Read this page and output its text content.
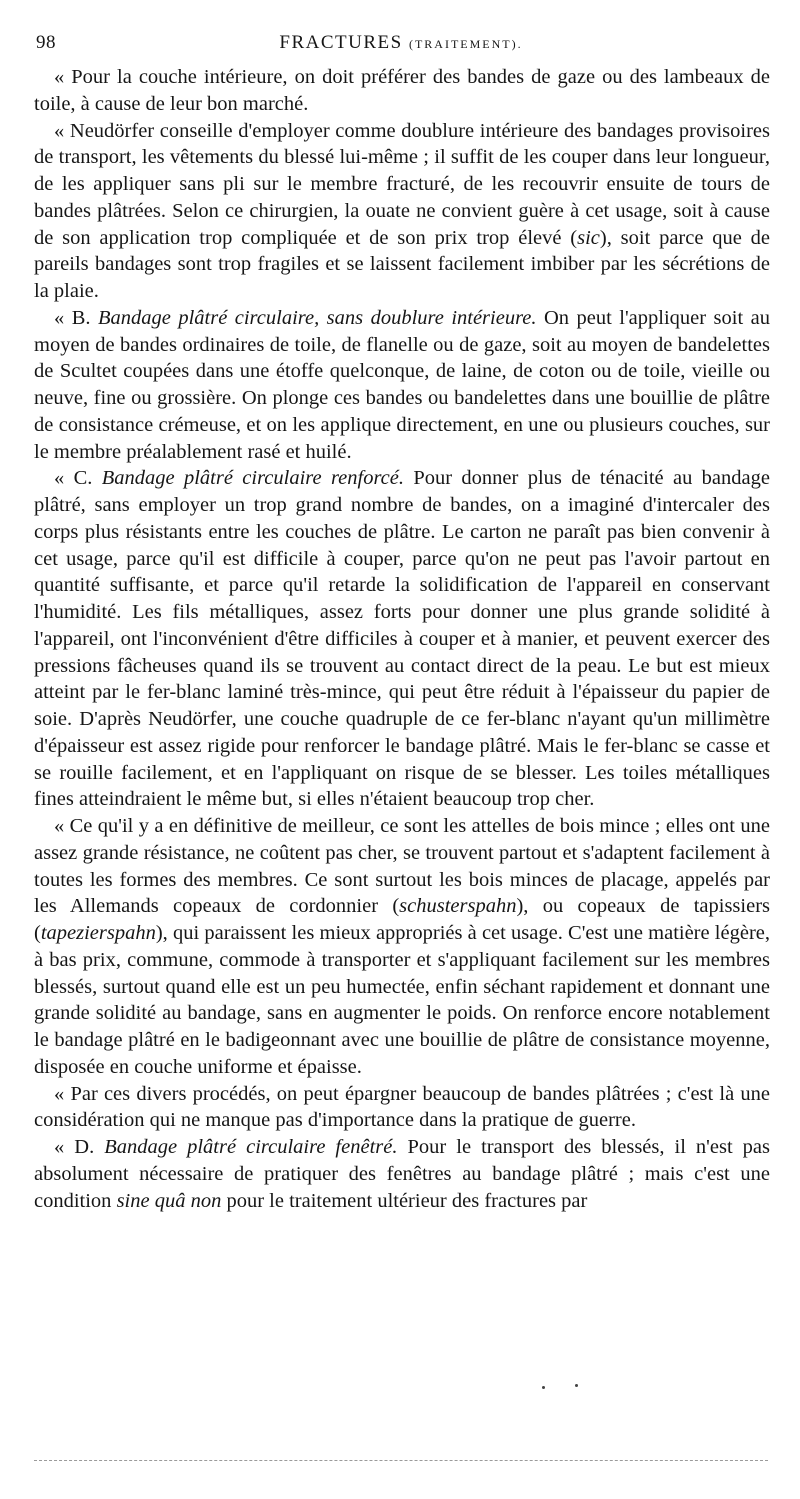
98	FRACTURES (TRAITEMENT).

« Pour la couche intérieure, on doit préférer des bandes de gaze ou des lambeaux de toile, à cause de leur bon marché.

« Neudörfer conseille d'employer comme doublure intérieure des bandages provisoires de transport, les vêtements du blessé lui-même ; il suffit de les couper dans leur longueur, de les appliquer sans pli sur le membre fracturé, de les recouvrir ensuite de tours de bandes plâtrées. Selon ce chirurgien, la ouate ne convient guère à cet usage, soit à cause de son application trop compliquée et de son prix trop élevé (sic), soit parce que de pareils bandages sont trop fragiles et se laissent facilement imbiber par les sécrétions de la plaie.

« B. Bandage plâtré circulaire, sans doublure intérieure. On peut l'appliquer soit au moyen de bandes ordinaires de toile, de flanelle ou de gaze, soit au moyen de bandelettes de Scultet coupées dans une étoffe quelconque, de laine, de coton ou de toile, vieille ou neuve, fine ou grossière. On plonge ces bandes ou bandelettes dans une bouillie de plâtre de consistance crémeuse, et on les applique directement, en une ou plusieurs couches, sur le membre préalablement rasé et huilé.

« C. Bandage plâtré circulaire renforcé. Pour donner plus de ténacité au bandage plâtré, sans employer un trop grand nombre de bandes, on a imaginé d'intercaler des corps plus résistants entre les couches de plâtre. Le carton ne paraît pas bien convenir à cet usage, parce qu'il est difficile à couper, parce qu'on ne peut pas l'avoir partout en quantité suffisante, et parce qu'il retarde la solidification de l'appareil en conservant l'humidité. Les fils métalliques, assez forts pour donner une plus grande solidité à l'appareil, ont l'inconvénient d'être difficiles à couper et à manier, et peuvent exercer des pressions fâcheuses quand ils se trouvent au contact direct de la peau. Le but est mieux atteint par le fer-blanc laminé très-mince, qui peut être réduit à l'épaisseur du papier de soie. D'après Neudörfer, une couche quadruple de ce fer-blanc n'ayant qu'un millimètre d'épaisseur est assez rigide pour renforcer le bandage plâtré. Mais le fer-blanc se casse et se rouille facilement, et en l'appliquant on risque de se blesser. Les toiles métalliques fines atteindraient le même but, si elles n'étaient beaucoup trop cher.

« Ce qu'il y a en définitive de meilleur, ce sont les attelles de bois mince ; elles ont une assez grande résistance, ne coûtent pas cher, se trouvent partout et s'adaptent facilement à toutes les formes des membres. Ce sont surtout les bois minces de placage, appelés par les Allemands copeaux de cordonnier (schusterspahn), ou copeaux de tapissiers (tapezierspahn), qui paraissent les mieux appropriés à cet usage. C'est une matière légère, à bas prix, commune, commode à transporter et s'appliquant facilement sur les membres blessés, surtout quand elle est un peu humectée, enfin séchant rapidement et donnant une grande solidité au bandage, sans en augmenter le poids. On renforce encore notablement le bandage plâtré en le badigeonnant avec une bouillie de plâtre de consistance moyenne, disposée en couche uniforme et épaisse.

« Par ces divers procédés, on peut épargner beaucoup de bandes plâtrées ; c'est là une considération qui ne manque pas d'importance dans la pratique de guerre.

« D. Bandage plâtré circulaire fenêtré. Pour le transport des blessés, il n'est pas absolument nécessaire de pratiquer des fenêtres au bandage plâtré ; mais c'est une condition sine quâ non pour le traitement ultérieur des fractures par
